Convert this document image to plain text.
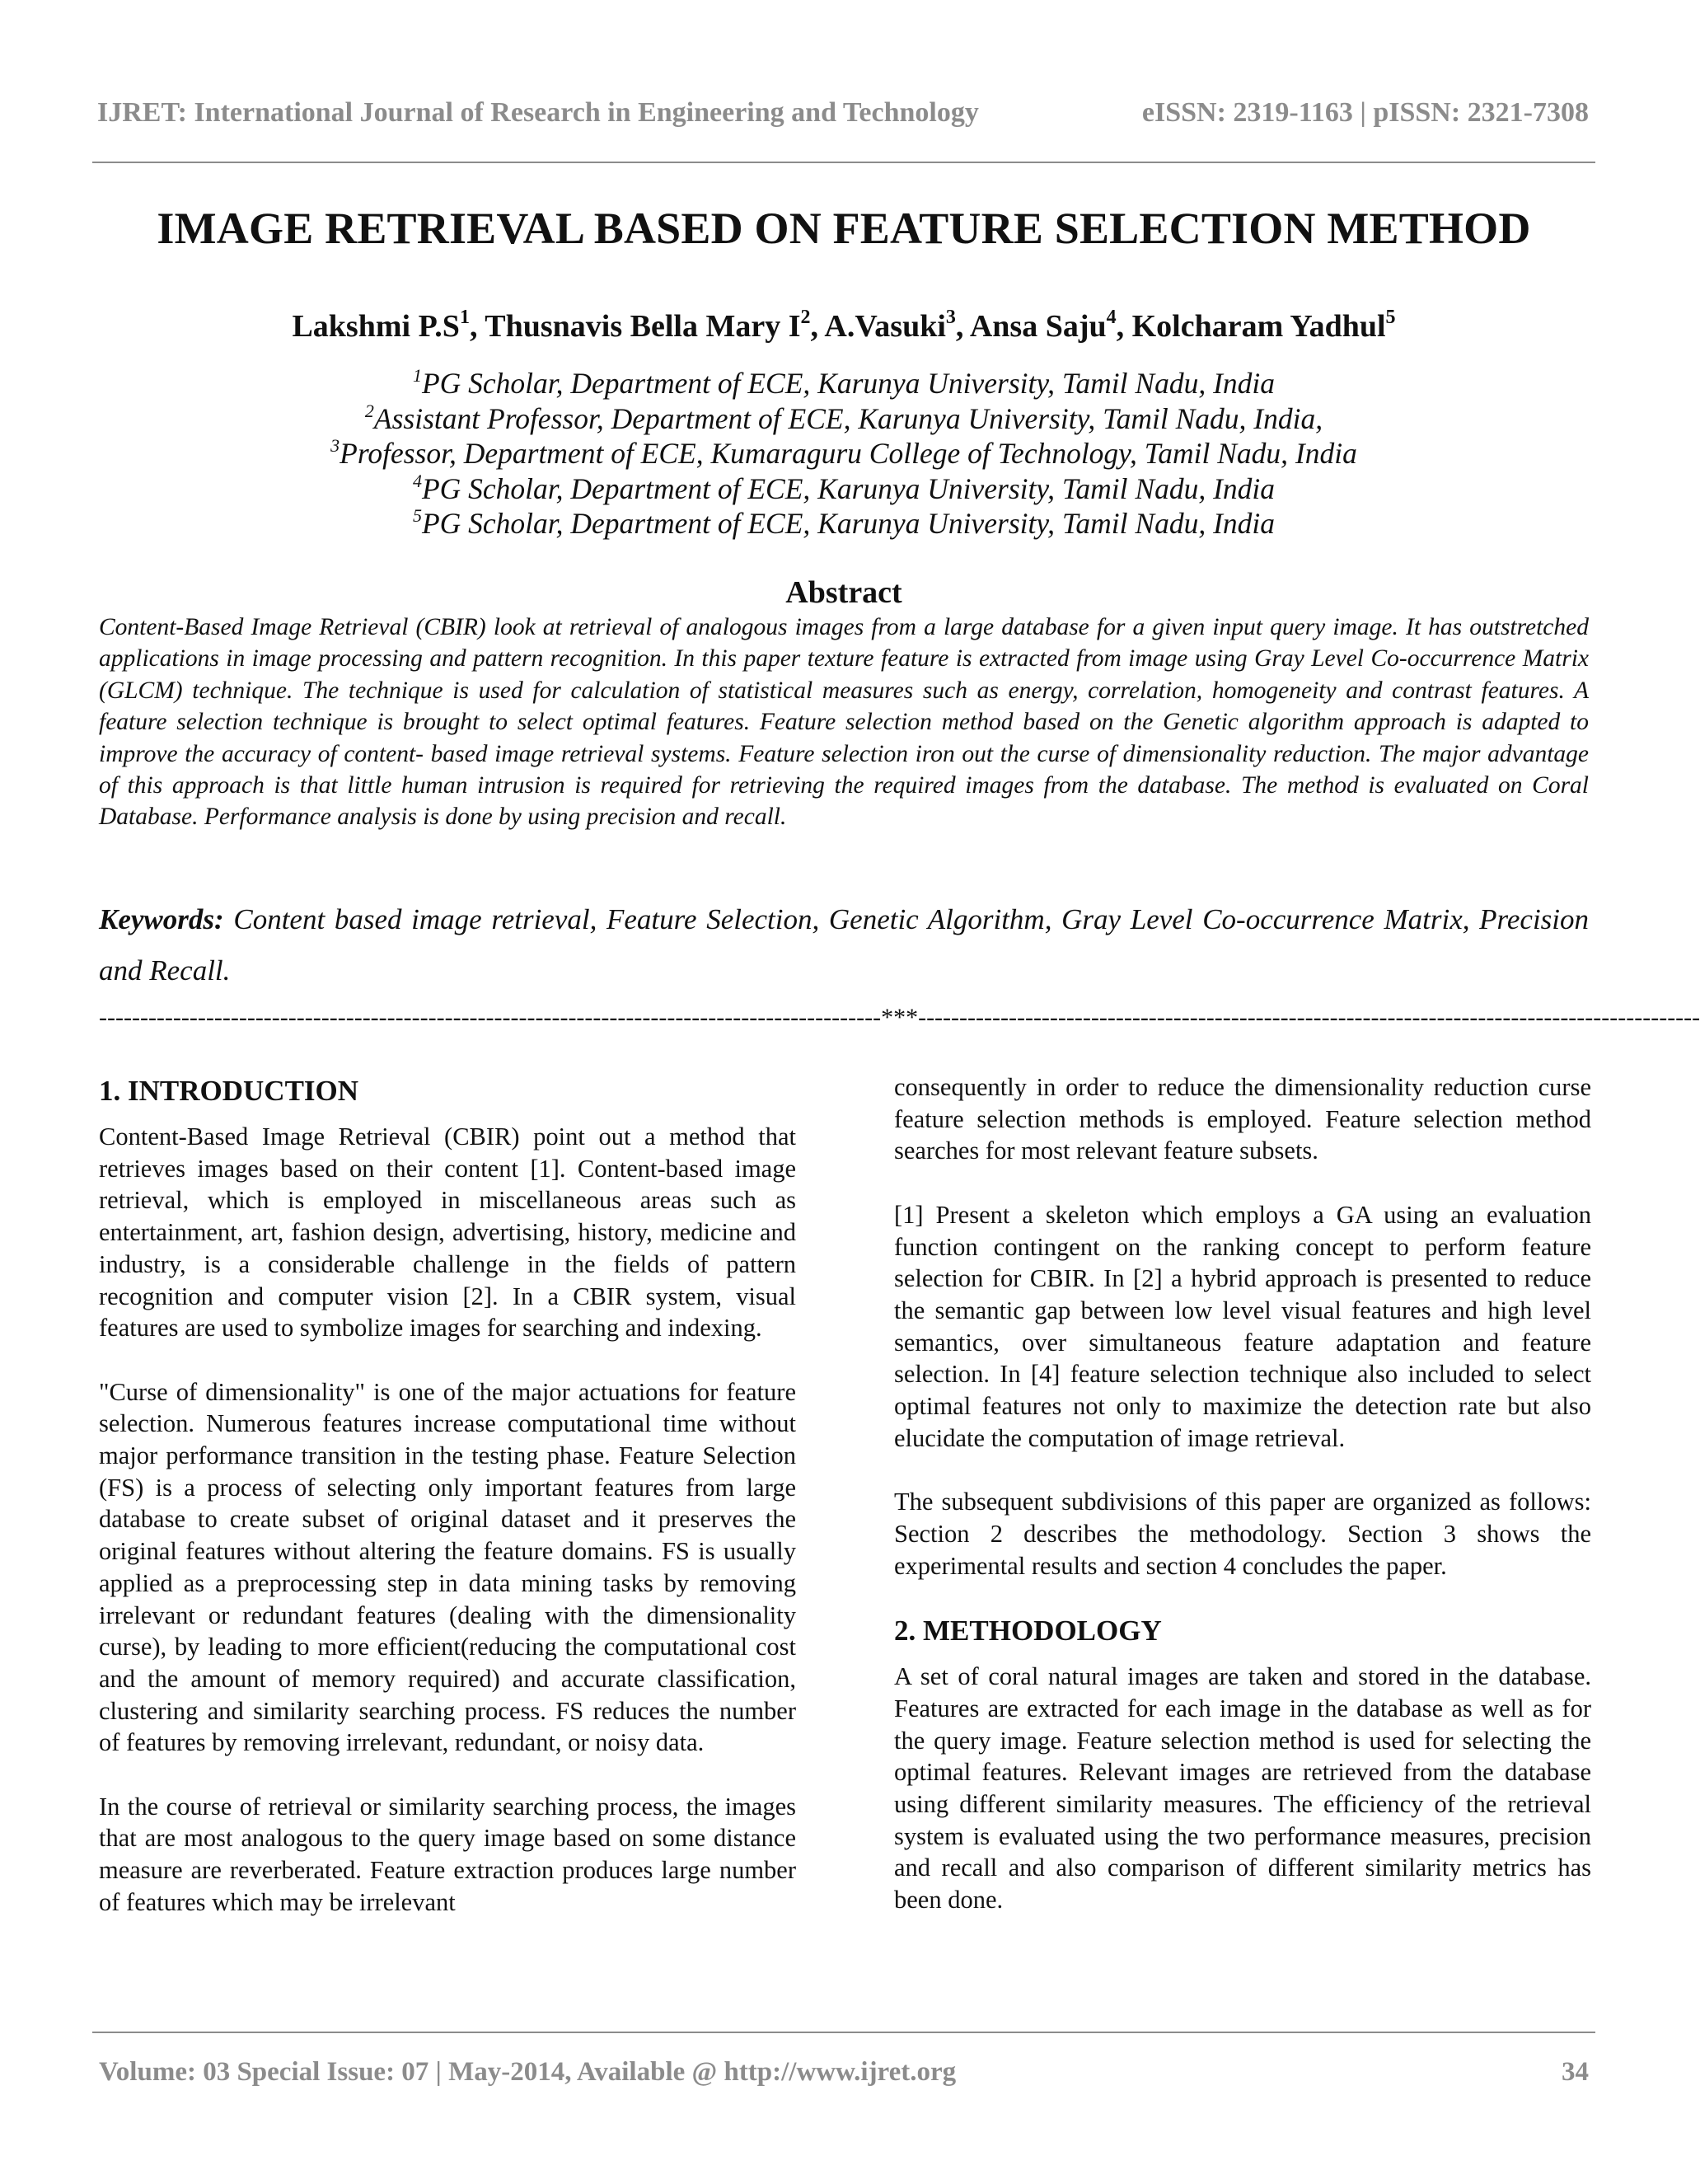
IJRET: International Journal of Research in Engineering and Technology	eISSN: 2319-1163 | pISSN: 2321-7308
IMAGE RETRIEVAL BASED ON FEATURE SELECTION METHOD
Lakshmi $P.S^1$, Thusnavis Bella Mary $I^2$, A.Vasuki$^3$, Ansa Saju$^4$, Kolcharam Yadhul$^5$
$^1$PG Scholar, Department of ECE, Karunya University, Tamil Nadu, India
$^2$Assistant Professor, Department of ECE, Karunya University, Tamil Nadu, India,
$^3$Professor, Department of ECE, Kumaraguru College of Technology, Tamil Nadu, India
$^4$PG Scholar, Department of ECE, Karunya University, Tamil Nadu, India
$^5$PG Scholar, Department of ECE, Karunya University, Tamil Nadu, India
Abstract
Content-Based Image Retrieval (CBIR) look at retrieval of analogous images from a large database for a given input query image. It has outstretched applications in image processing and pattern recognition. In this paper texture feature is extracted from image using Gray Level Co-occurrence Matrix (GLCM) technique. The technique is used for calculation of statistical measures such as energy, correlation, homogeneity and contrast features. A feature selection technique is brought to select optimal features. Feature selection method based on the Genetic algorithm approach is adapted to improve the accuracy of content- based image retrieval systems. Feature selection iron out the curse of dimensionality reduction. The major advantage of this approach is that little human intrusion is required for retrieving the required images from the database. The method is evaluated on Coral Database. Performance analysis is done by using precision and recall.
Keywords: Content based image retrieval, Feature Selection, Genetic Algorithm, Gray Level Co-occurrence Matrix, Precision and Recall.
-----------------------------------------------------------------------------------------------***-----------------------------------------------------------------------------------------------
1. INTRODUCTION

Content-Based Image Retrieval (CBIR) point out a method that retrieves images based on their content [1]. Content-based image retrieval, which is employed in miscellaneous areas such as entertainment, art, fashion design, advertising, history, medicine and industry, is a considerable challenge in the fields of pattern recognition and computer vision [2]. In a CBIR system, visual features are used to symbolize images for searching and indexing.

"Curse of dimensionality" is one of the major actuations for feature selection. Numerous features increase computational time without major performance transition in the testing phase. Feature Selection (FS) is a process of selecting only important features from large database to create subset of original dataset and it preserves the original features without altering the feature domains. FS is usually applied as a preprocessing step in data mining tasks by removing irrelevant or redundant features (dealing with the dimensionality curse), by leading to more efficient(reducing the computational cost and the amount of memory required) and accurate classification, clustering and similarity searching process. FS reduces the number of features by removing irrelevant, redundant, or noisy data.

In the course of retrieval or similarity searching process, the images that are most analogous to the query image based on some distance measure are reverberated. Feature extraction produces large number of features which may be irrelevant

consequently in order to reduce the dimensionality reduction curse feature selection methods is employed. Feature selection method searches for most relevant feature subsets.

[1] Present a skeleton which employs a GA using an evaluation function contingent on the ranking concept to perform feature selection for CBIR. In [2] a hybrid approach is presented to reduce the semantic gap between low level visual features and high level semantics, over simultaneous feature adaptation and feature selection. In [4] feature selection technique also included to select optimal features not only to maximize the detection rate but also elucidate the computation of image retrieval.

The subsequent subdivisions of this paper are organized as follows: Section 2 describes the methodology. Section 3 shows the experimental results and section 4 concludes the paper.

2. METHODOLOGY

A set of coral natural images are taken and stored in the database. Features are extracted for each image in the database as well as for the query image. Feature selection method is used for selecting the optimal features. Relevant images are retrieved from the database using different similarity measures. The efficiency of the retrieval system is evaluated using the two performance measures, precision and recall and also comparison of different similarity metrics has been done.

Volume: 03 Special Issue: 07 | May-2014, Available @ http://www.ijret.org	34
